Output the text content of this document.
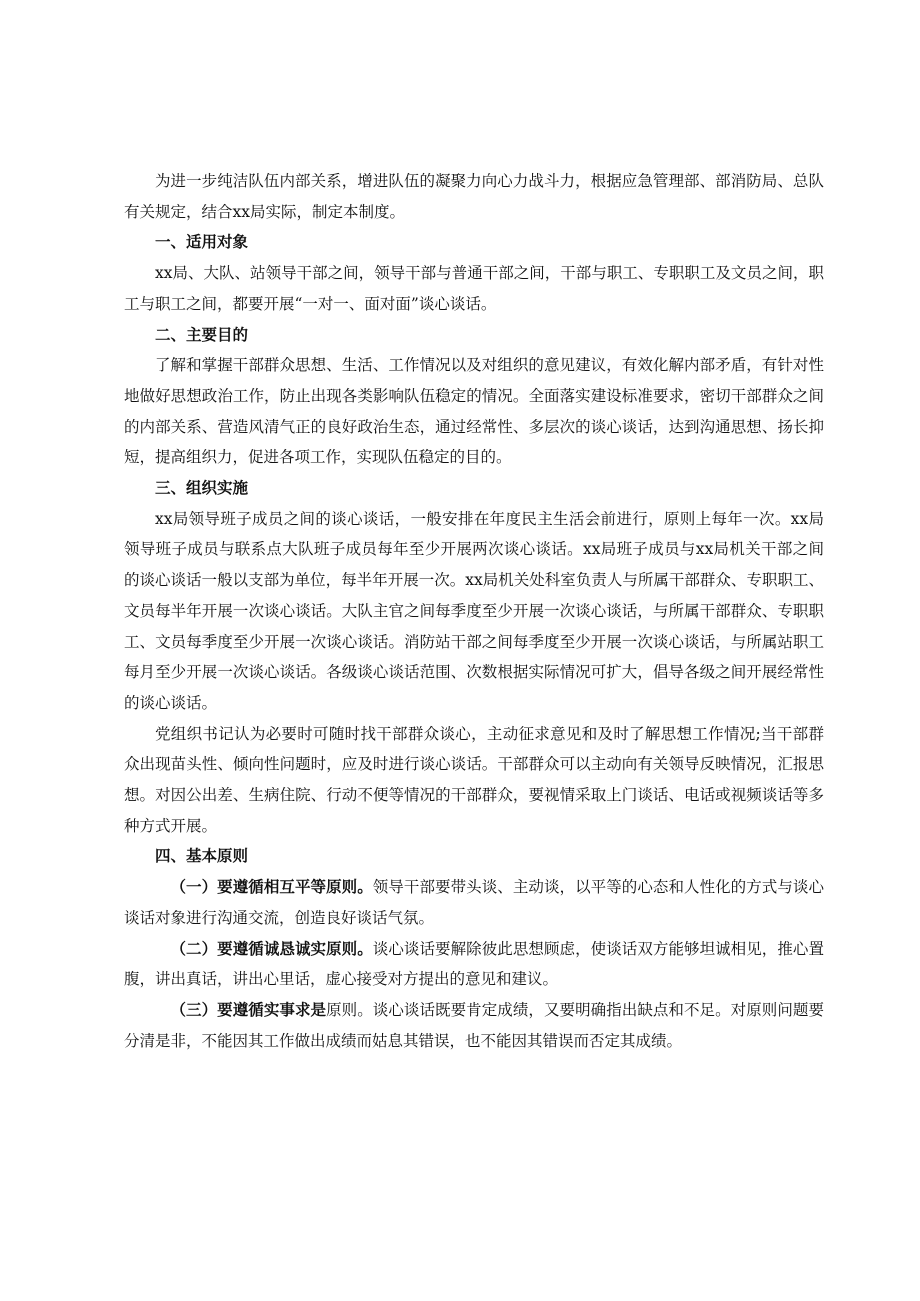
为进一步纯洁队伍内部关系，增进队伍的凝聚力向心力战斗力，根据应急管理部、部消防局、总队有关规定，结合xx局实际，制定本制度。

一、适用对象

xx局、大队、站领导干部之间，领导干部与普通干部之间，干部与职工、专职职工及文员之间，职工与职工之间，都要开展“一对一、面对面”谈心谈话。

二、主要目的

了解和掌握干部群众思想、生活、工作情况以及对组织的意见建议，有效化解内部矛盾，有针对性地做好思想政治工作，防止出现各类影响队伍稳定的情况。全面落实建设标准要求，密切干部群众之间的内部关系、营造风清气正的良好政治生态，通过经常性、多层次的谈心谈话，达到沟通思想、扬长抑短，提高组织力，促进各项工作，实现队伍稳定的目的。

三、组织实施

xx局领导班子成员之间的谈心谈话，一般安排在年度民主生活会前进行，原则上每年一次。xx局领导班子成员与联系点大队班子成员每年至少开展两次谈心谈话。xx局班子成员与xx局机关干部之间的谈心谈话一般以支部为单位，每半年开展一次。xx局机关处科室负责人与所属干部群众、专职职工、文员每半年开展一次谈心谈话。大队主官之间每季度至少开展一次谈心谈话，与所属干部群众、专职职工、文员每季度至少开展一次谈心谈话。消防站干部之间每季度至少开展一次谈心谈话，与所属站职工每月至少开展一次谈心谈话。各级谈心谈话范围、次数根据实际情况可扩大，倡导各级之间开展经常性的谈心谈话。

党组织书记认为必要时可随时找干部群众谈心，主动征求意见和及时了解思想工作情况;当干部群众出现苗头性、倾向性问题时，应及时进行谈心谈话。干部群众可以主动向有关领导反映情况，汇报思想。对因公出差、生病住院、行动不便等情况的干部群众，要视情采取上门谈话、电话或视频谈话等多种方式开展。

四、基本原则

（一）要遵循相互平等原则。领导干部要带头谈、主动谈，以平等的心态和人性化的方式与谈心谈话对象进行沟通交流，创造良好谈话气氛。

（二）要遵循诚恳诚实原则。谈心谈话要解除彼此思想顾虑，使谈话双方能够坦诚相见，推心置腹，讲出真话，讲出心里话，虚心接受对方提出的意见和建议。

（三）要遵循实事求是原则。谈心谈话既要肯定成绩，又要明确指出缺点和不足。对原则问题要分清是非，不能因其工作做出成绩而姑息其错误，也不能因其错误而否定其成绩。
